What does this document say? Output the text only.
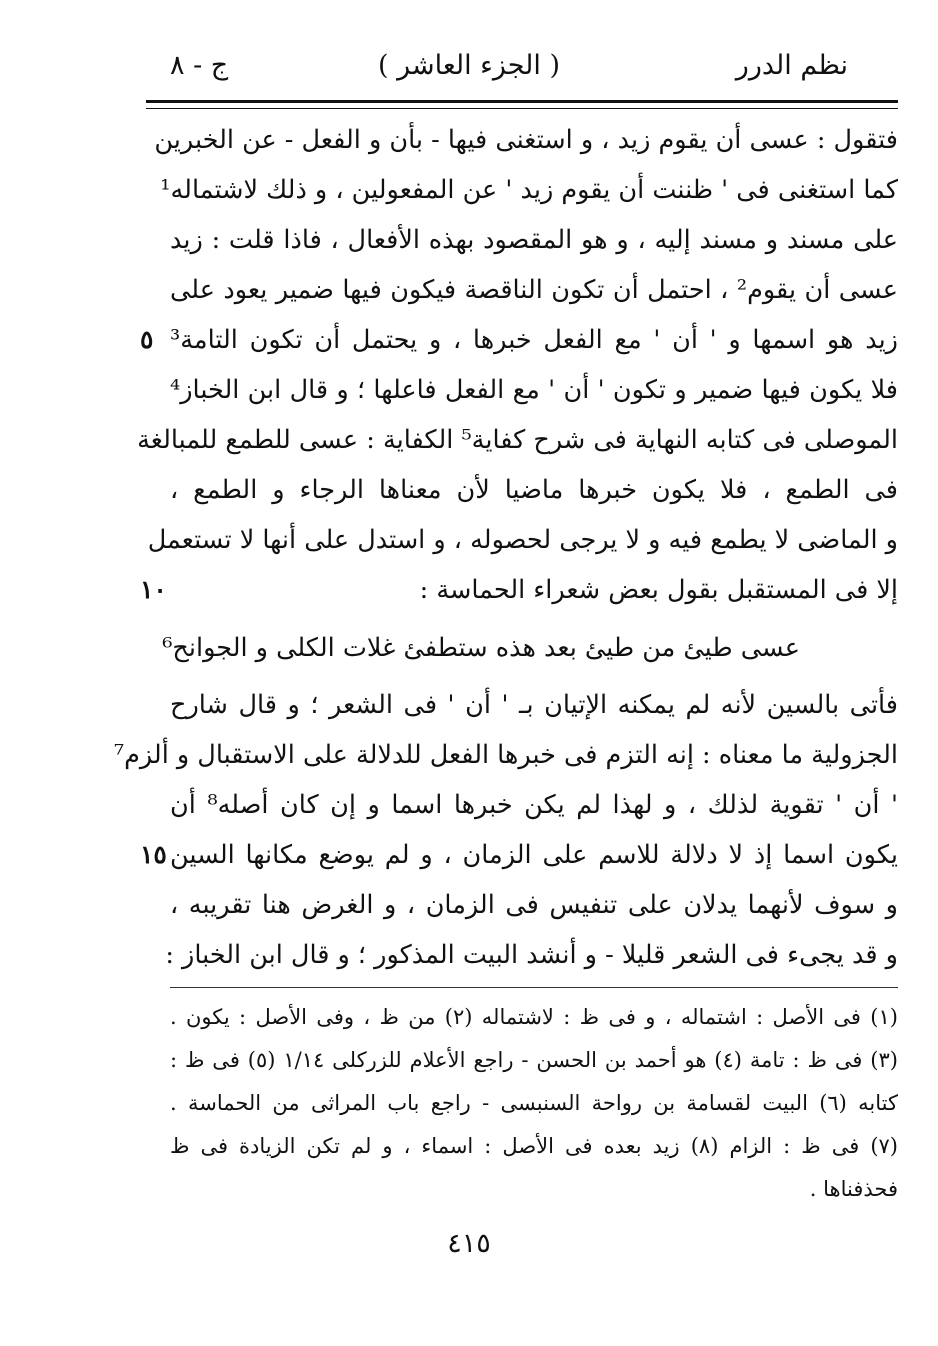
نظم الدرر
( الجزء العاشر )
ج - ٨
فتقول : عسى أن يقوم زيد ، و استغنى فيها - بأن و الفعل - عن الخبرين
كما استغنى فى ' ظننت أن يقوم زيد ' عن المفعولين ، و ذلك لاشتماله¹
على مسند و مسند إليه ، و هو المقصود بهذه الأفعال ، فاذا قلت : زيد
عسى أن يقوم² ، احتمل أن تكون الناقصة فيكون فيها ضمير يعود على
زيد هو اسمها و ' أن ' مع الفعل خبرها ، و يحتمل أن تكون التامة³
فلا يكون فيها ضمير و تكون ' أن ' مع الفعل فاعلها ؛ و قال ابن الخباز⁴
الموصلى فى كتابه النهاية فى شرح كفاية⁵ الكفاية : عسى للطمع للمبالغة
فى الطمع ، فلا يكون خبرها ماضيا لأن معناها الرجاء و الطمع ،
و الماضى لا يطمع فيه و لا يرجى لحصوله ، و استدل على أنها لا تستعمل
إلا فى المستقبل بقول بعض شعراء الحماسة :
عسى طيئ من طيئ بعد هذه ستطفئ غلات الكلى و الجوانح⁶
فأتى بالسين لأنه لم يمكنه الإتيان بـ ' أن ' فى الشعر ؛ و قال شارح
الجزولية ما معناه : إنه التزم فى خبرها الفعل للدلالة على الاستقبال و ألزم⁷
' أن ' تقوية لذلك ، و لهذا لم يكن خبرها اسما و إن كان أصله⁸ أن
يكون اسما إذ لا دلالة للاسم على الزمان ، و لم يوضع مكانها السين
و سوف لأنهما يدلان على تنفيس فى الزمان ، و الغرض هنا تقريبه ،
و قد يجىء فى الشعر قليلا - و أنشد البيت المذكور ؛ و قال ابن الخباز :
٥
١٠
١٥
(١) فى الأصل : اشتماله ، و فى ظ : لاشتماله (٢) من ظ ، وفى الأصل : يكون .
(٣) فى ظ : تامة (٤) هو أحمد بن الحسن - راجع الأعلام للزركلى ١/١٤ (٥) فى ظ :
كتابه (٦) البيت لقسامة بن رواحة السنبسى - راجع باب المراثى من الحماسة .
(٧) فى ظ : الزام (٨) زيد بعده فى الأصل : اسماء ، و لم تكن الزيادة فى ظ
فحذفناها .
٤١٥
